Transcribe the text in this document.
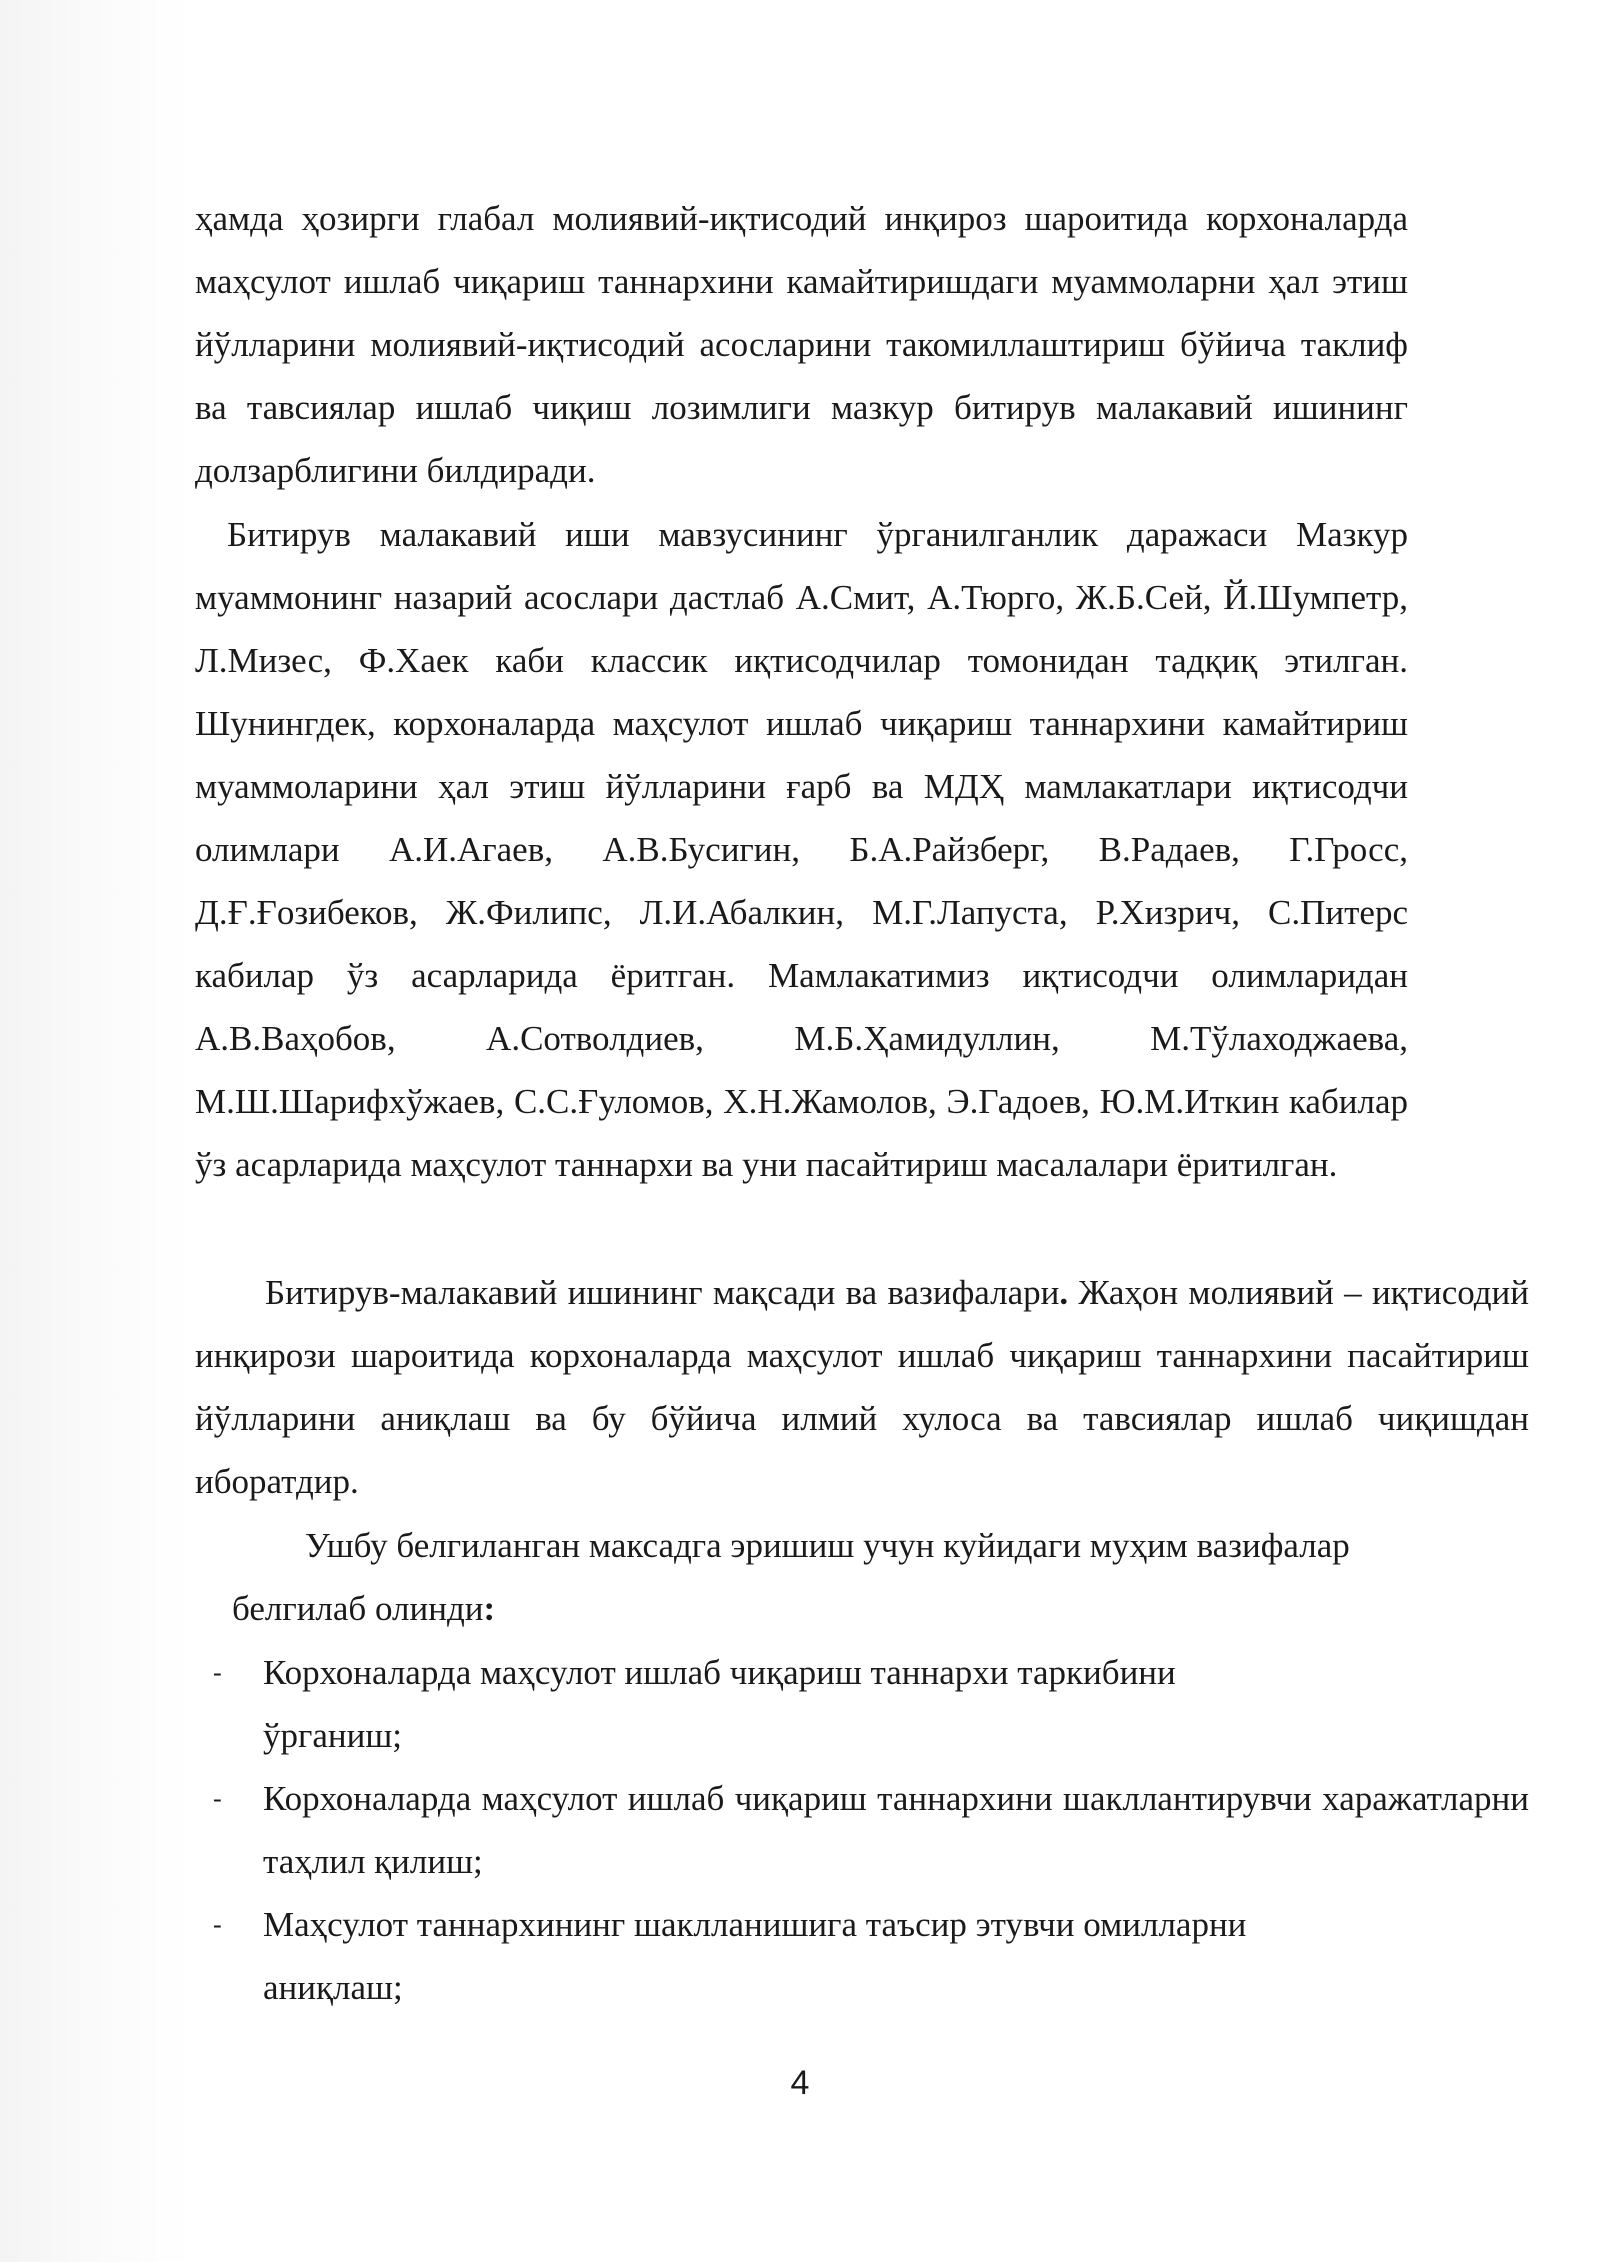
ҳамда ҳозирги глабал молиявий-иқтисодий инқироз шароитида корхоналарда маҳсулот ишлаб чиқариш таннархини камайтиришдаги муаммоларни ҳал этиш йўлларини молиявий-иқтисодий асосларини такомиллаштириш бўйича таклиф ва тавсиялар ишлаб чиқиш лозимлиги мазкур битирув малакавий ишининг долзарблигини билдиради.

Битирув малакавий иши мавзусининг ўрганилганлик даражаси Мазкур муаммонинг назарий асослари дастлаб А.Смит, А.Тюрго, Ж.Б.Сей, Й.Шумпетр, Л.Мизес, Ф.Хаек каби классик иқтисодчилар томонидан тадқиқ этилган. Шунингдек, корхоналарда маҳсулот ишлаб чиқариш таннархини камайтириш муаммоларини ҳал этиш йўлларини ғарб ва МДҲ мамлакатлари иқтисодчи олимлари А.И.Агаев, А.В.Бусигин, Б.А.Райзберг, В.Радаев, Г.Гросс, Д.Ғ.Ғозибеков, Ж.Филипс, Л.И.Абалкин, М.Г.Лапуста, Р.Хизрич, С.Питерс кабилар ўз асарларида ёритган. Мамлакатимиз иқтисодчи олимларидан А.В.Ваҳобов, А.Сотволдиев, М.Б.Ҳамидуллин, М.Тўлаходжаева, М.Ш.Шарифхўжаев, С.С.Ғуломов, Х.Н.Жамолов, Э.Гадоев, Ю.М.Иткин кабилар ўз асарларида маҳсулот таннархи ва уни пасайтириш масалалари ёритилган.

Битирув-малакавий ишининг мақсади ва вазифалари. Жаҳон молиявий – иқтисодий инқирози шароитида корхоналарда маҳсулот ишлаб чиқариш таннархини пасайтириш йўлларини аниқлаш ва бу бўйича илмий хулоса ва тавсиялар ишлаб чиқишдан иборатдир.

Ушбу белгиланган максадга эришиш учун куйидаги муҳим вазифалар

белгилаб олинди:

- Корхоналарда маҳсулот ишлаб чиқариш таннархи таркибини ўрганиш;

- Корхоналарда маҳсулот ишлаб чиқариш таннархини шакллантирувчи харажатларни таҳлил қилиш;

- Маҳсулот таннархининг шаклланишига таъсир этувчи омилларни аниқлаш;

4
